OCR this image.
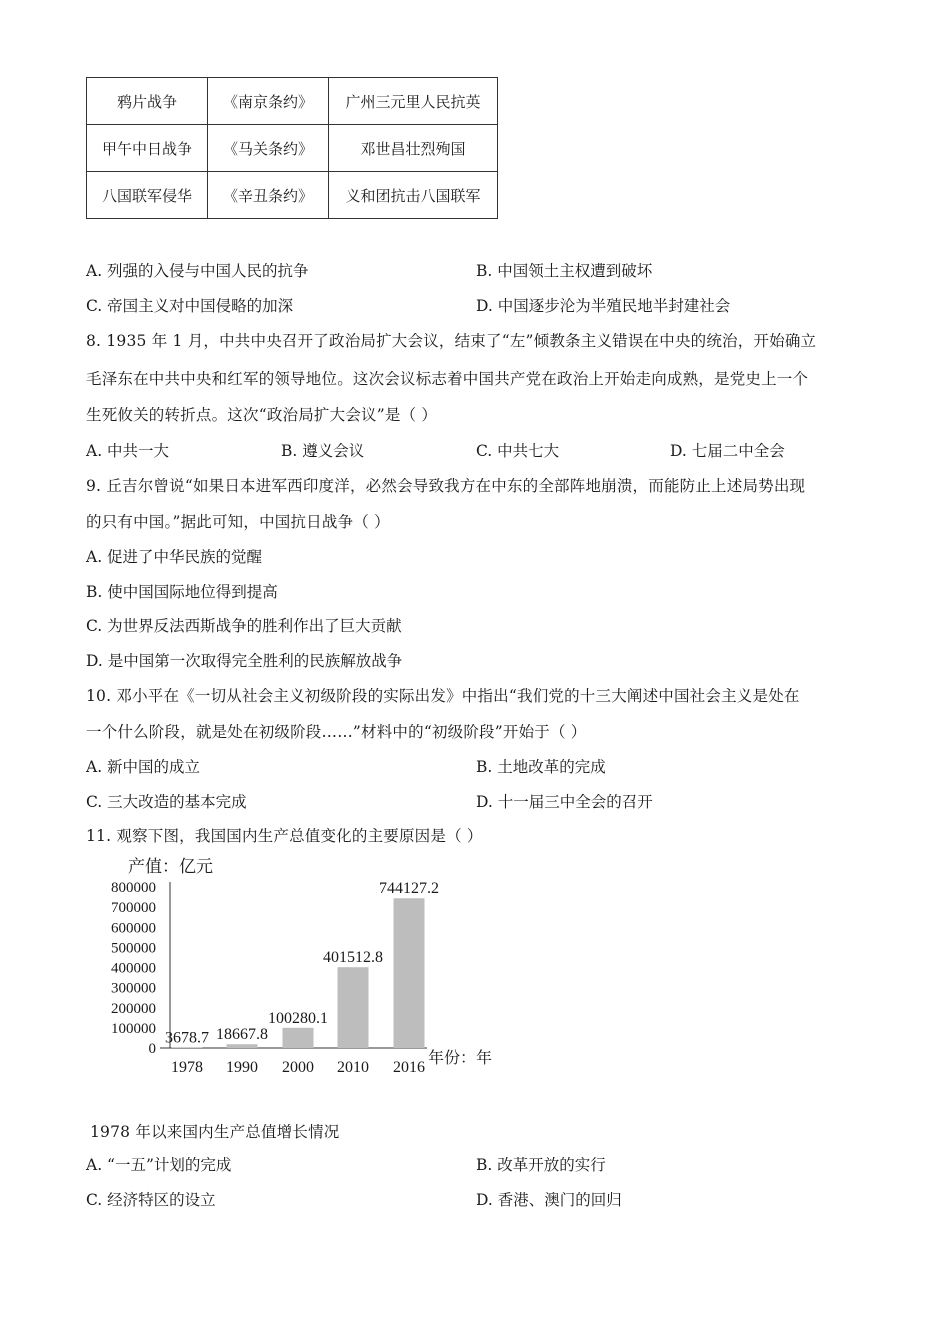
鸦片战争	《南京条约》	广州三元里人民抗英
甲午中日战争	《马关条约》	邓世昌壮烈殉国
八国联军侵华	《辛丑条约》	义和团抗击八国联军
A. 列强的入侵与中国人民的抗争	B. 中国领土主权遭到破坏
C. 帝国主义对中国侵略的加深	D. 中国逐步沦为半殖民地半封建社会
8. 1935 年 1 月，中共中央召开了政治局扩大会议，结束了“左”倾教条主义错误在中央的统治，开始确立
毛泽东在中共中央和红军的领导地位。这次会议标志着中国共产党在政治上开始走向成熟，是党史上一个
生死攸关的转折点。这次“政治局扩大会议”是（ ）
A. 中共一大	B. 遵义会议	C. 中共七大	D. 七届二中全会
9. 丘吉尔曾说“如果日本进军西印度洋，必然会导致我方在中东的全部阵地崩溃，而能防止上述局势出现
的只有中国。”据此可知，中国抗日战争（ ）
A. 促进了中华民族的觉醒
B. 使中国国际地位得到提高
C. 为世界反法西斯战争的胜利作出了巨大贡献
D. 是中国第一次取得完全胜利的民族解放战争
10. 邓小平在《一切从社会主义初级阶段的实际出发》中指出“我们党的十三大阐述中国社会主义是处在
一个什么阶段，就是处在初级阶段……”材料中的“初级阶段”开始于（ ）
A. 新中国的成立	B. 土地改革的完成
C. 三大改造的基本完成	D. 十一届三中全会的召开
11. 观察下图，我国国内生产总值变化的主要原因是（ ）
产值：亿元
年份：年
0
100000
200000
300000
400000
500000
600000
700000
800000
3678.7
1978
18667.8
1990
100280.1
2000
401512.8
2010
744127.2
2016
1978 年以来国内生产总值增长情况
A. “一五”计划的完成	B. 改革开放的实行
C. 经济特区的设立	D. 香港、澳门的回归
